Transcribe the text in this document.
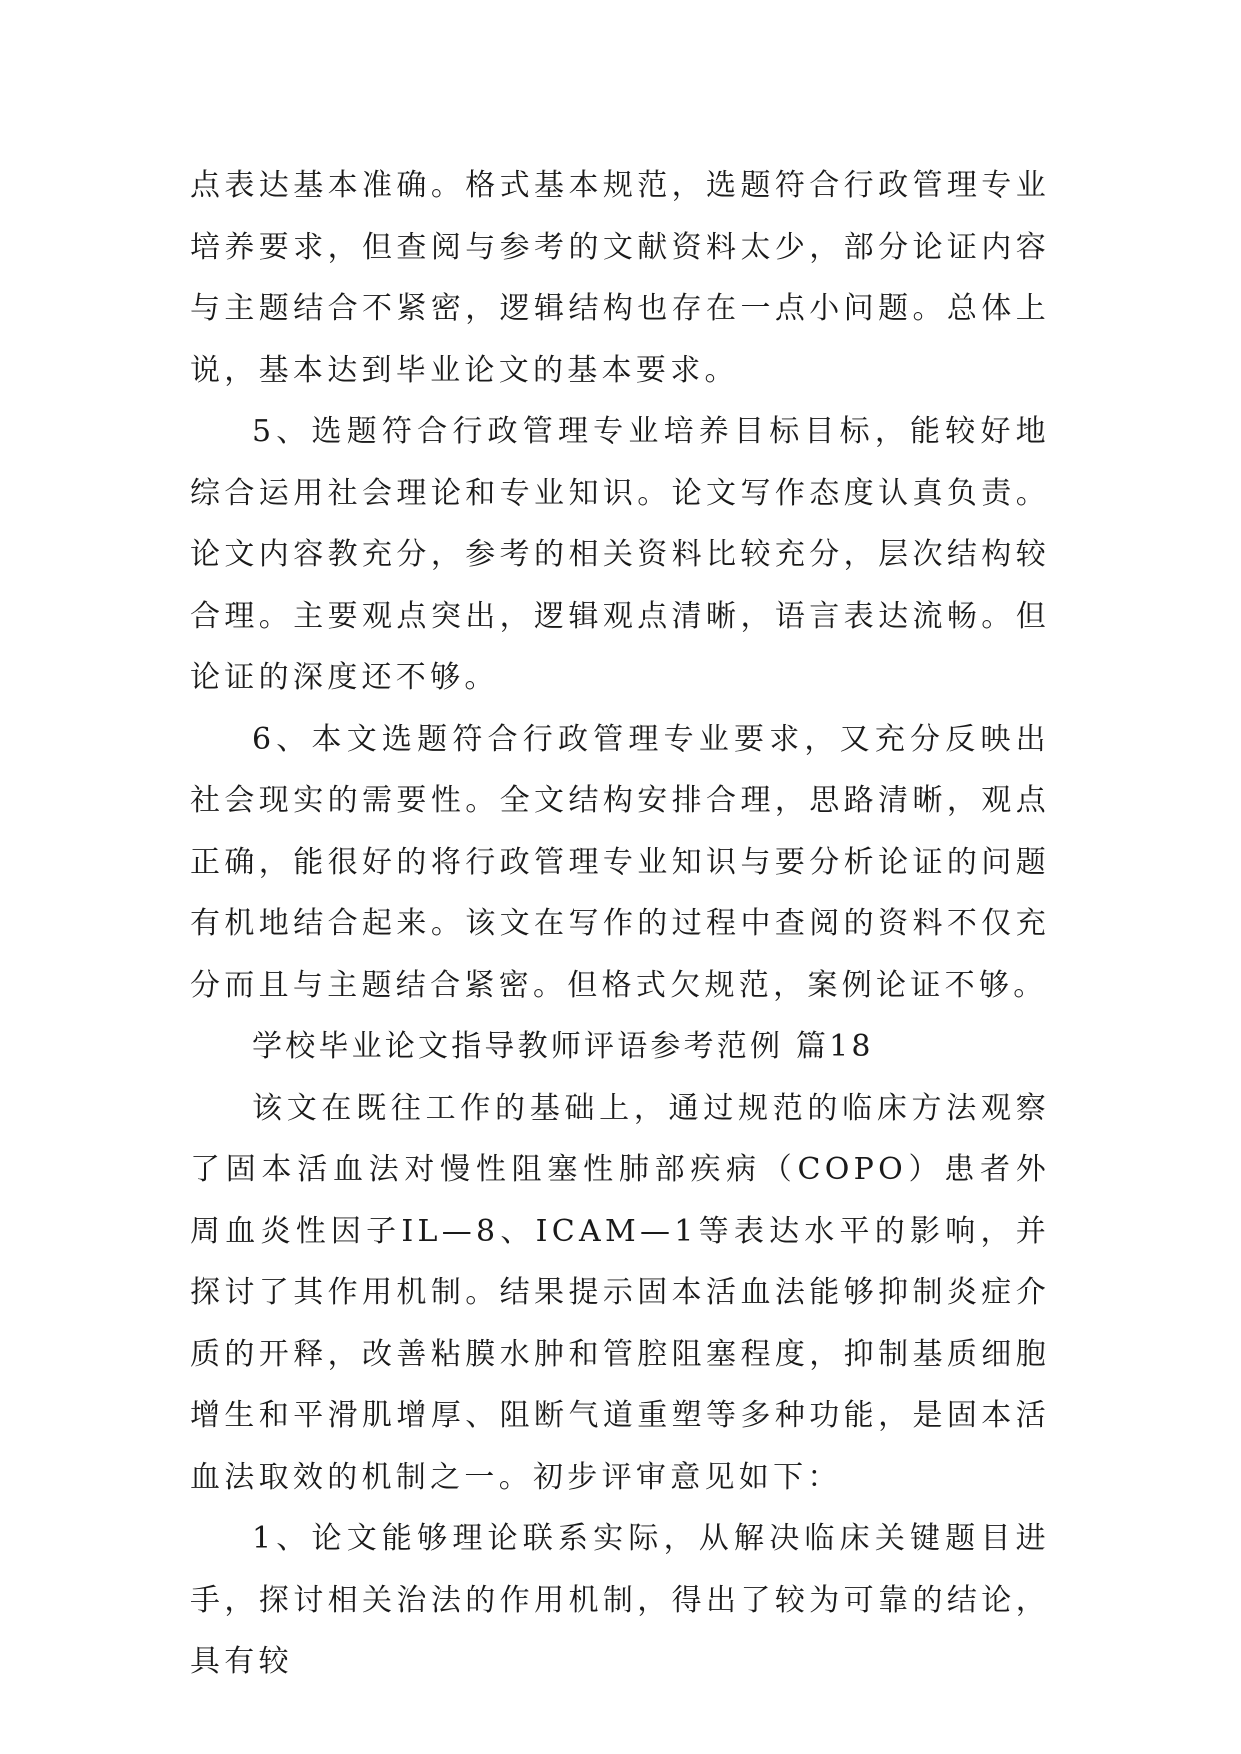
点表达基本准确。格式基本规范，选题符合行政管理专业培养要求，但查阅与参考的文献资料太少，部分论证内容与主题结合不紧密，逻辑结构也存在一点小问题。总体上说，基本达到毕业论文的基本要求。

5、选题符合行政管理专业培养目标目标，能较好地综合运用社会理论和专业知识。论文写作态度认真负责。论文内容教充分，参考的相关资料比较充分，层次结构较合理。主要观点突出，逻辑观点清晰，语言表达流畅。但论证的深度还不够。

6、本文选题符合行政管理专业要求，又充分反映出社会现实的需要性。全文结构安排合理，思路清晰，观点正确，能很好的将行政管理专业知识与要分析论证的问题有机地结合起来。该文在写作的过程中查阅的资料不仅充分而且与主题结合紧密。但格式欠规范，案例论证不够。

学校毕业论文指导教师评语参考范例 篇18

该文在既往工作的基础上，通过规范的临床方法观察了固本活血法对慢性阻塞性肺部疾病（COPO）患者外周血炎性因子IL—8、ICAM—1等表达水平的影响，并探讨了其作用机制。结果提示固本活血法能够抑制炎症介质的开释，改善粘膜水肿和管腔阻塞程度，抑制基质细胞增生和平滑肌增厚、阻断气道重塑等多种功能，是固本活血法取效的机制之一。初步评审意见如下：

1、论文能够理论联系实际，从解决临床关键题目进手，探讨相关治法的作用机制，得出了较为可靠的结论，具有较
